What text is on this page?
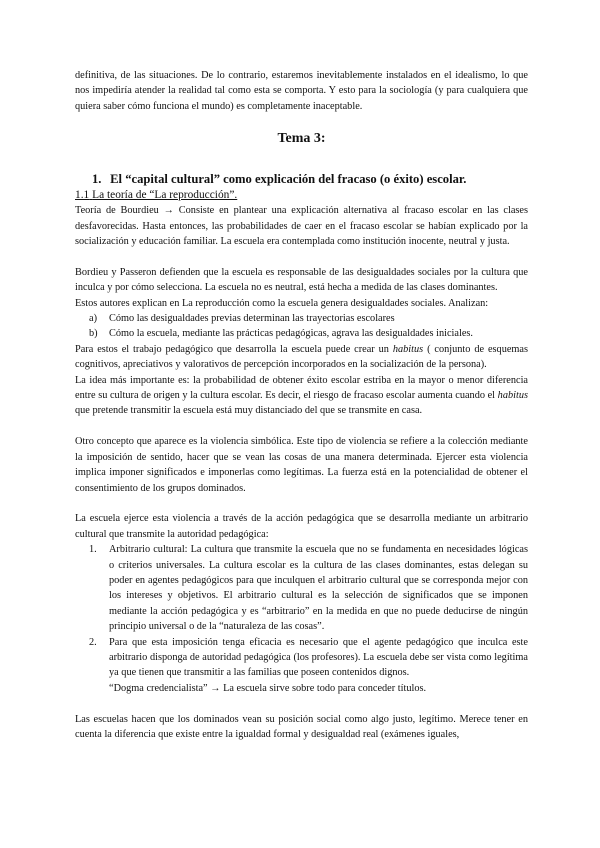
definitiva, de las situaciones. De lo contrario, estaremos inevitablemente instalados en el idealismo, lo que nos impediría atender la realidad tal como esta se comporta. Y esto para la sociología (y para cualquiera que quiera saber cómo funciona el mundo) es completamente inaceptable.

Tema 3:
1. El “capital cultural” como explicación del fracaso (o éxito) escolar.
1.1 La teoría de “La reproducción”.

Teoría de Bourdieu → Consiste en plantear una explicación alternativa al fracaso escolar en las clases desfavorecidas. Hasta entonces, las probabilidades de caer en el fracaso escolar se habían explicado por la socialización y educación familiar. La escuela era contemplada como institución inocente, neutral y justa.

Bordieu y Passeron defienden que la escuela es responsable de las desigualdades sociales por la cultura que inculca y por cómo selecciona. La escuela no es neutral, está hecha a medida de las clases dominantes.

Estos autores explican en La reproducción como la escuela genera desigualdades sociales. Analizan:

a) Cómo las desigualdades previas determinan las trayectorias escolares
b) Cómo la escuela, mediante las prácticas pedagógicas, agrava las desigualdades iniciales.

Para estos el trabajo pedagógico que desarrolla la escuela puede crear un habitus ( conjunto de esquemas cognitivos, apreciativos y valorativos de percepción incorporados en la socialización de la persona).

La idea más importante es: la probabilidad de obtener éxito escolar estriba en la mayor o menor diferencia entre su cultura de origen y la cultura escolar. Es decir, el riesgo de fracaso escolar aumenta cuando el habitus que pretende transmitir la escuela está muy distanciado del que se transmite en casa.

Otro concepto que aparece es la violencia simbólica. Este tipo de violencia se refiere a la colección mediante la imposición de sentido, hacer que se vean las cosas de una manera determinada. Ejercer esta violencia implica imponer significados e imponerlas como legítimas. La fuerza está en la potencialidad de obtener el consentimiento de los grupos dominados.

La escuela ejerce esta violencia a través de la acción pedagógica que se desarrolla mediante un arbitrario cultural que transmite la autoridad pedagógica:

1. Arbitrario cultural: La cultura que transmite la escuela que no se fundamenta en necesidades lógicas o criterios universales. La cultura escolar es la cultura de las clases dominantes, estas delegan su poder en agentes pedagógicos para que inculquen el arbitrario cultural que se corresponda mejor con los intereses y objetivos. El arbitrario cultural es la selección de significados que se imponen mediante la acción pedagógica y es “arbitrario” en la medida en que no puede deducirse de ningún principio universal o de la “naturaleza de las cosas”.
2. Para que esta imposición tenga eficacia es necesario que el agente pedagógico que inculca este arbitrario disponga de autoridad pedagógica (los profesores). La escuela debe ser vista como legítima ya que tienen que transmitir a las familias que poseen contenidos dignos.
“Dogma credencialista” → La escuela sirve sobre todo para conceder títulos.

Las escuelas hacen que los dominados vean su posición social como algo justo, legítimo. Merece tener en cuenta la diferencia que existe entre la igualdad formal y desigualdad real (exámenes iguales,
